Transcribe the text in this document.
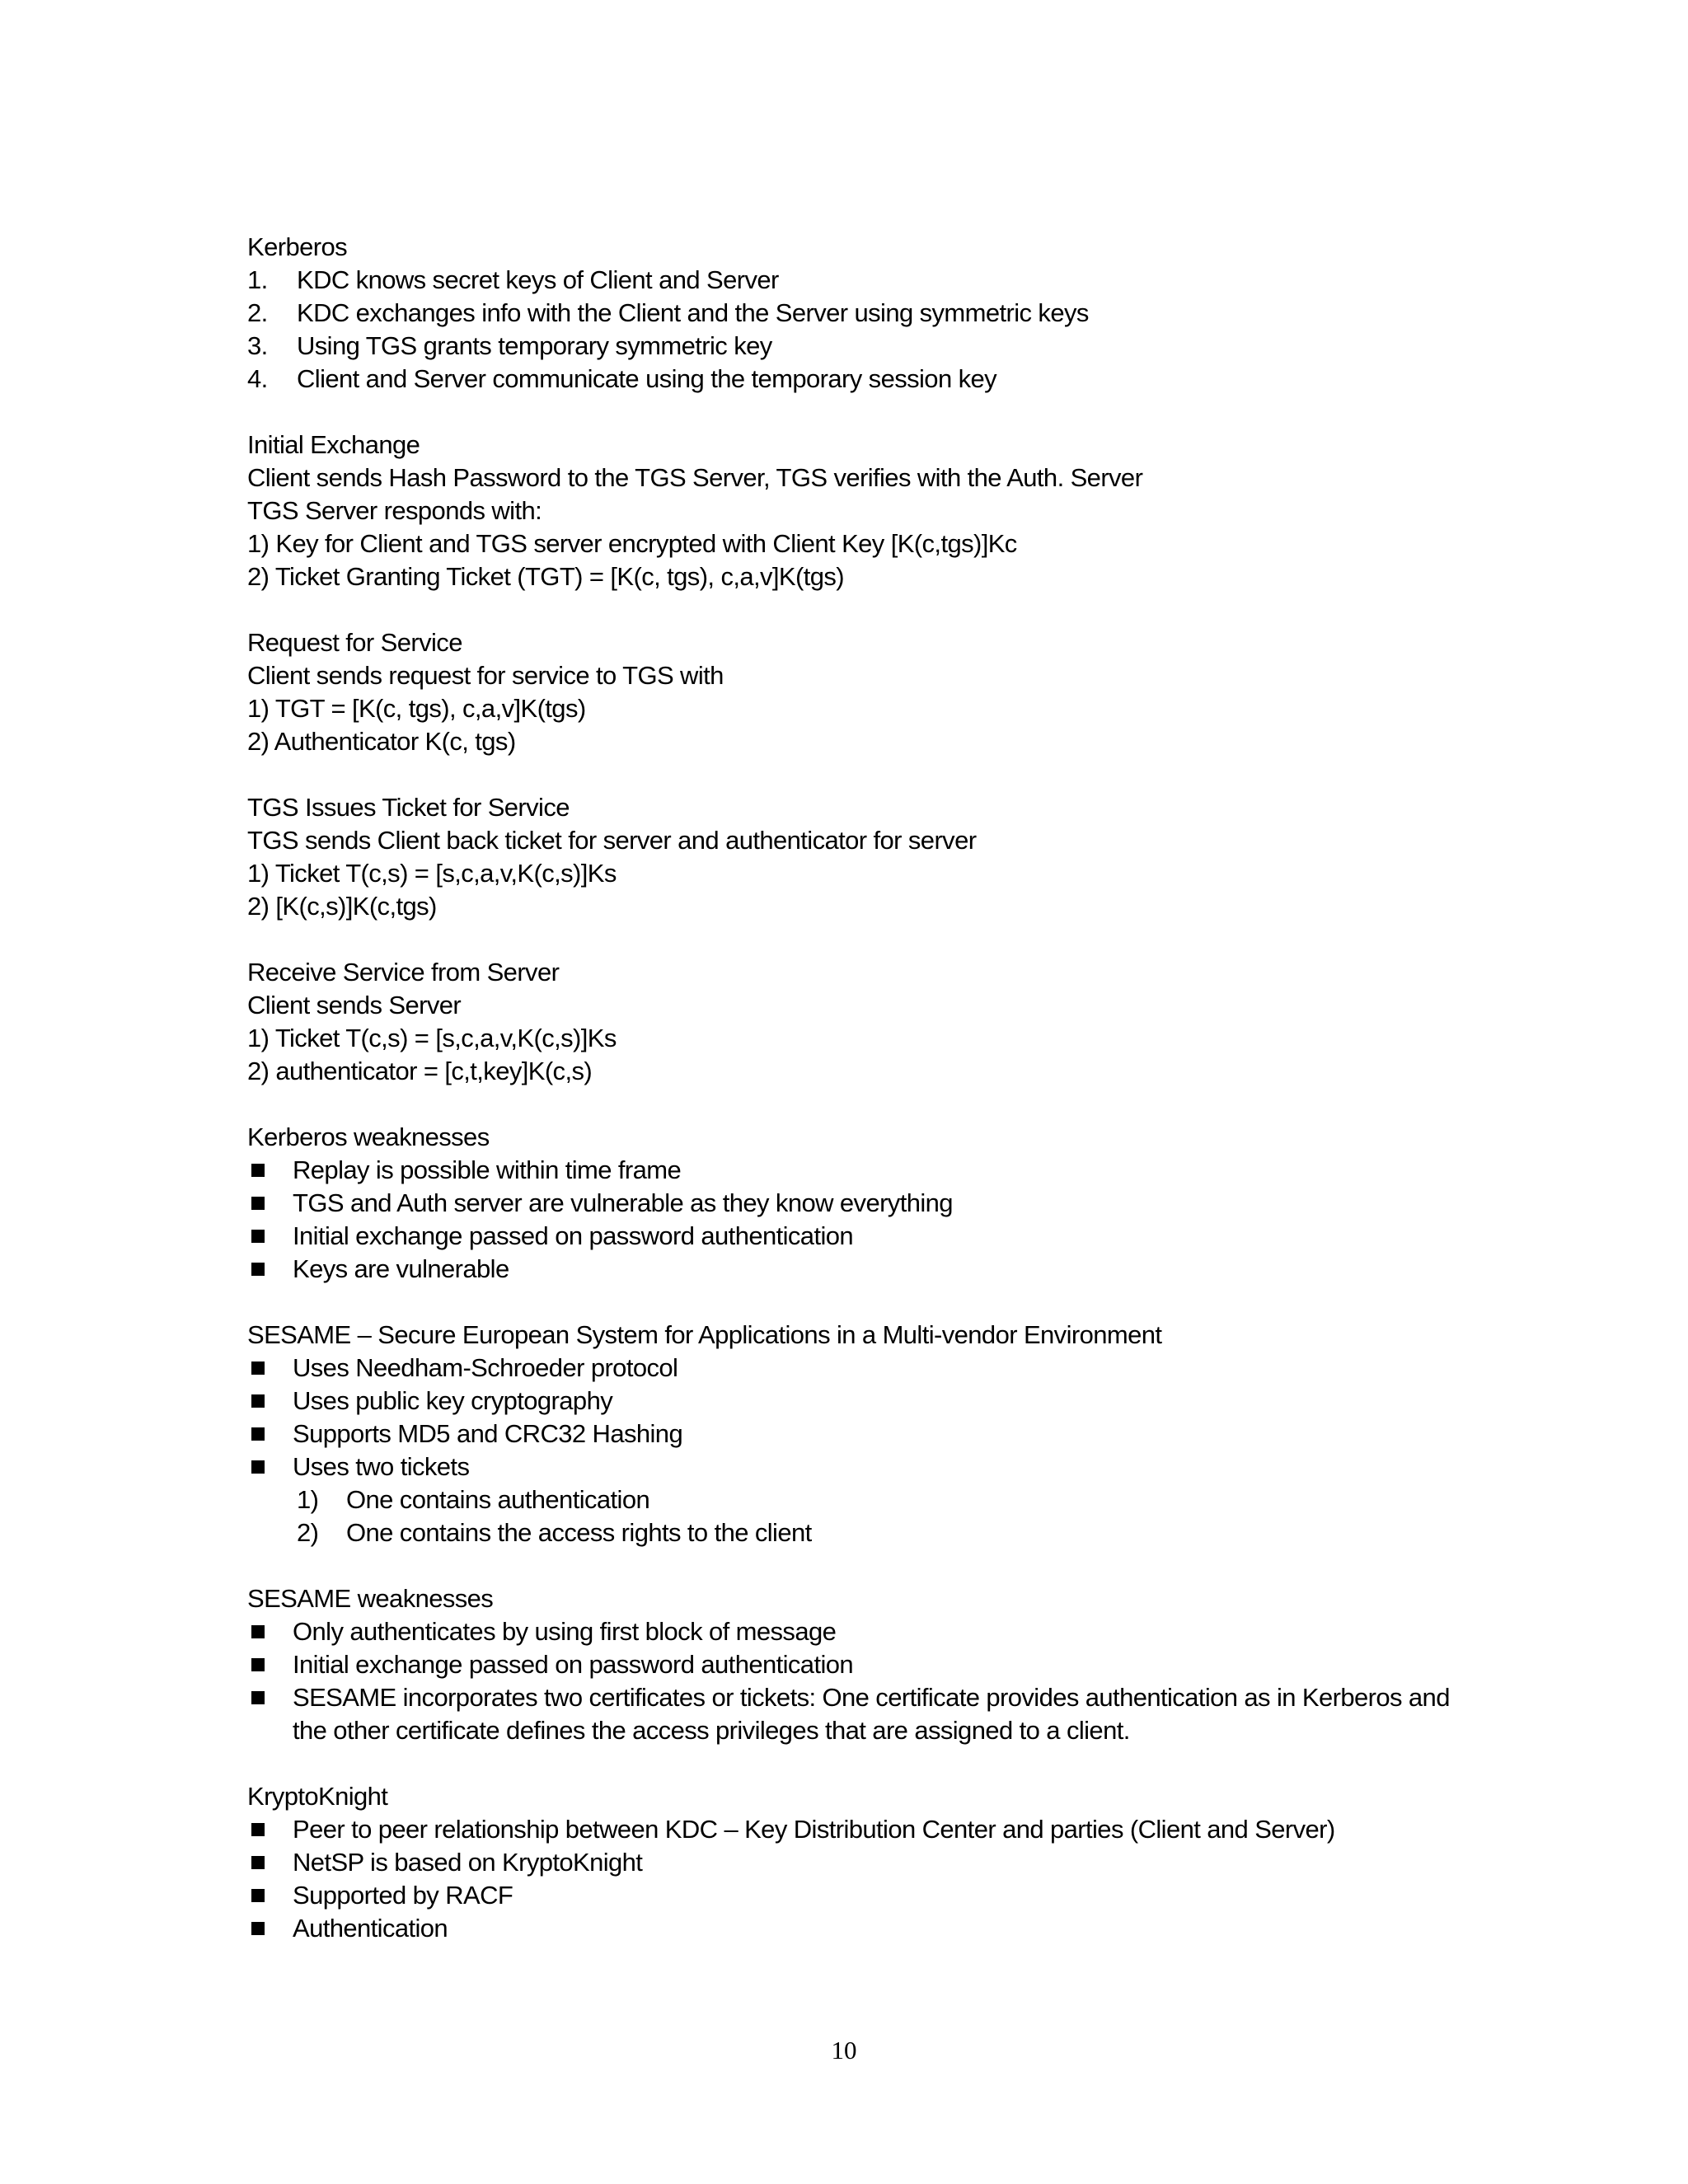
Kerberos
1.	KDC knows secret keys of Client and Server
2.	KDC exchanges info with the Client and the Server using symmetric keys
3.	Using TGS grants temporary symmetric key
4.	Client and Server communicate using the temporary session key
Initial Exchange
Client sends Hash Password to the TGS Server, TGS verifies with the Auth. Server
TGS Server responds with:
1) Key for Client and TGS server encrypted with Client Key [K(c,tgs)]Kc
2) Ticket Granting Ticket (TGT) = [K(c, tgs), c,a,v]K(tgs)
Request for Service
Client sends request for service to TGS with
1) TGT = [K(c, tgs), c,a,v]K(tgs)
2) Authenticator K(c, tgs)
TGS Issues Ticket for Service
TGS sends Client back ticket for server and authenticator for server
1) Ticket T(c,s) = [s,c,a,v,K(c,s)]Ks
2) [K(c,s)]K(c,tgs)
Receive Service from Server
Client sends Server
1) Ticket T(c,s) = [s,c,a,v,K(c,s)]Ks
2) authenticator = [c,t,key]K(c,s)
Kerberos weaknesses
Replay is possible within time frame
TGS and Auth server are vulnerable as they know everything
Initial exchange passed on password authentication
Keys are vulnerable
SESAME – Secure European System for Applications in a Multi-vendor Environment
Uses Needham-Schroeder protocol
Uses public key cryptography
Supports MD5 and CRC32 Hashing
Uses two tickets
1)	One contains authentication
2)	One contains the access rights to the client
SESAME weaknesses
Only authenticates by using first block of message
Initial exchange passed on password authentication
SESAME incorporates two certificates or tickets: One certificate provides authentication as in Kerberos and the other certificate defines the access privileges that are assigned to a client.
KryptoKnight
Peer to peer relationship between KDC – Key Distribution Center and parties (Client and Server)
NetSP is based on KryptoKnight
Supported by RACF
Authentication
10
